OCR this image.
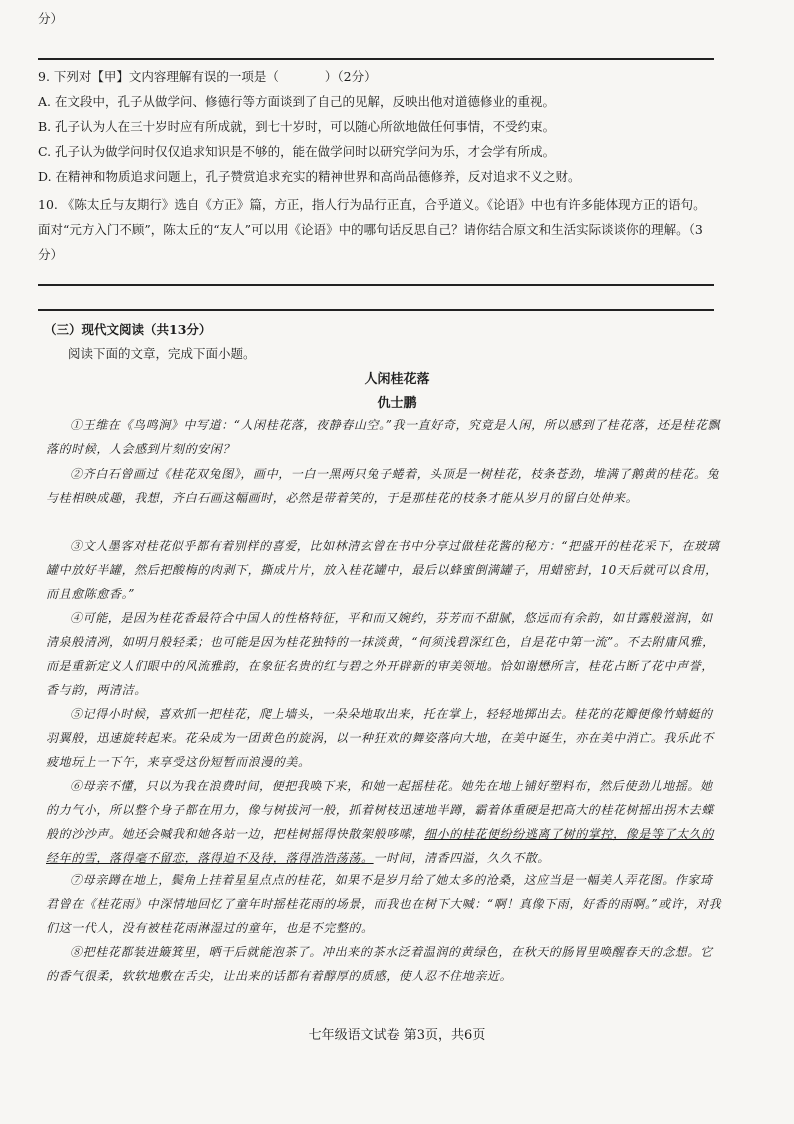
分）
9. 下列对【甲】文内容理解有误的一项是（	）（2分）
A. 在文段中，孔子从做学问、修德行等方面谈到了自己的见解，反映出他对道德修业的重视。
B. 孔子认为人在三十岁时应有所成就，到七十岁时，可以随心所欲地做任何事情，不受约束。
C. 孔子认为做学问时仅仅追求知识是不够的，能在做学问时以研究学问为乐，才会学有所成。
D. 在精神和物质追求问题上，孔子赞赏追求充实的精神世界和高尚品德修养，反对追求不义之财。
10. 《陈太丘与友期行》选自《方正》篇，方正，指人行为品行正直，合乎道义。《论语》中也有许多能体现方正的语句。面对“元方入门不顾”，陈太丘的“友人”可以用《论语》中的哪句话反思自己？请你结合原文和生活实际谈谈你的理解。（3分）
（三）现代文阅读（共13分）
阅读下面的文章，完成下面小题。
人闲桂花落
仇士鹏
①王维在《鸟鸣涧》中写道：“人闲桂花落，夜静春山空。”我一直好奇，究竟是人闲，所以感到了桂花落，还是桂花飘落的时候，人会感到片刻的安闲？
②齐白石曾画过《桂花双兔图》，画中，一白一黑两只兔子蜷着，头顶是一树桂花，枝条苍劲，堆满了鹅黄的桂花。兔与桂相映成趣，我想，齐白石画这幅画时，必然是带着笑的，于是那桂花的枝条才能从岁月的留白处伸来。
③文人墨客对桂花似乎都有着别样的喜爱，比如林清玄曾在书中分享过做桂花酱的秘方：“把盛开的桂花采下，在玻璃罐中放好半罐，然后把酸梅的肉剥下，撕成片片，放入桂花罐中，最后以蜂蜜倒满罐子，用蜡密封，10天后就可以食用，而且愈陈愈香。”
④可能，是因为桂花香最符合中国人的性格特征，平和而又婉约，芬芳而不甜腻，悠远而有余韵，如甘露般滋润，如清泉般清冽，如明月般轻柔；也可能是因为桂花独特的一抹淡黄，“何须浅碧深红色，自是花中第一流”。不去附庸风雅，而是重新定义人们眼中的风流雅韵，在象征名贵的红与碧之外开辟新的审美领地。恰如谢懋所言，桂花占断了花中声誉，香与韵，两清洁。
⑤记得小时候，喜欢抓一把桂花，爬上墙头，一朵朵地取出来，托在掌上，轻轻地掷出去。桂花的花瓣便像竹蜻蜓的羽翼般，迅速旋转起来。花朵成为一团黄色的旋涡，以一种狂欢的舞姿落向大地，在美中诞生，亦在美中消亡。我乐此不疲地玩上一下午，来享受这份短暂而浪漫的美。
⑥母亲不懂，只以为我在浪费时间，便把我唤下来，和她一起摇桂花。她先在地上铺好塑料布，然后使劲儿地摇。她的力气小，所以整个身子都在用力，像与树拔河一般，抓着树枝迅速地半蹲，霸着体重硬是把高大的桂花树摇出拐木去蝶般的沙沙声。她还会喊我和她各站一边，把桂树摇得快散架般哆嗦，细小的桂花便纷纷逃离了树的掌控，像是等了太久的经年的雪，落得毫不留恋，落得迫不及待，落得浩浩荡荡。一时间，清香四溢，久久不散。
⑦母亲蹲在地上，鬓角上挂着星星点点的桂花，如果不是岁月给了她太多的沧桑，这应当是一幅美人弄花图。作家琦君曾在《桂花雨》中深情地回忆了童年时摇桂花雨的场景，而我也在树下大喊：“啊！真像下雨，好香的雨啊。”或许，对我们这一代人，没有被桂花雨淋湿过的童年，也是不完整的。
⑧把桂花都装进簸箕里，晒干后就能泡茶了。冲出来的茶水泛着温润的黄绿色，在秋天的肠胃里唤醒春天的念想。它的香气很柔，软软地敷在舌尖，让出来的话都有着醇厚的质感，使人忍不住地亲近。
七年级语文试卷 第3页，共6页
